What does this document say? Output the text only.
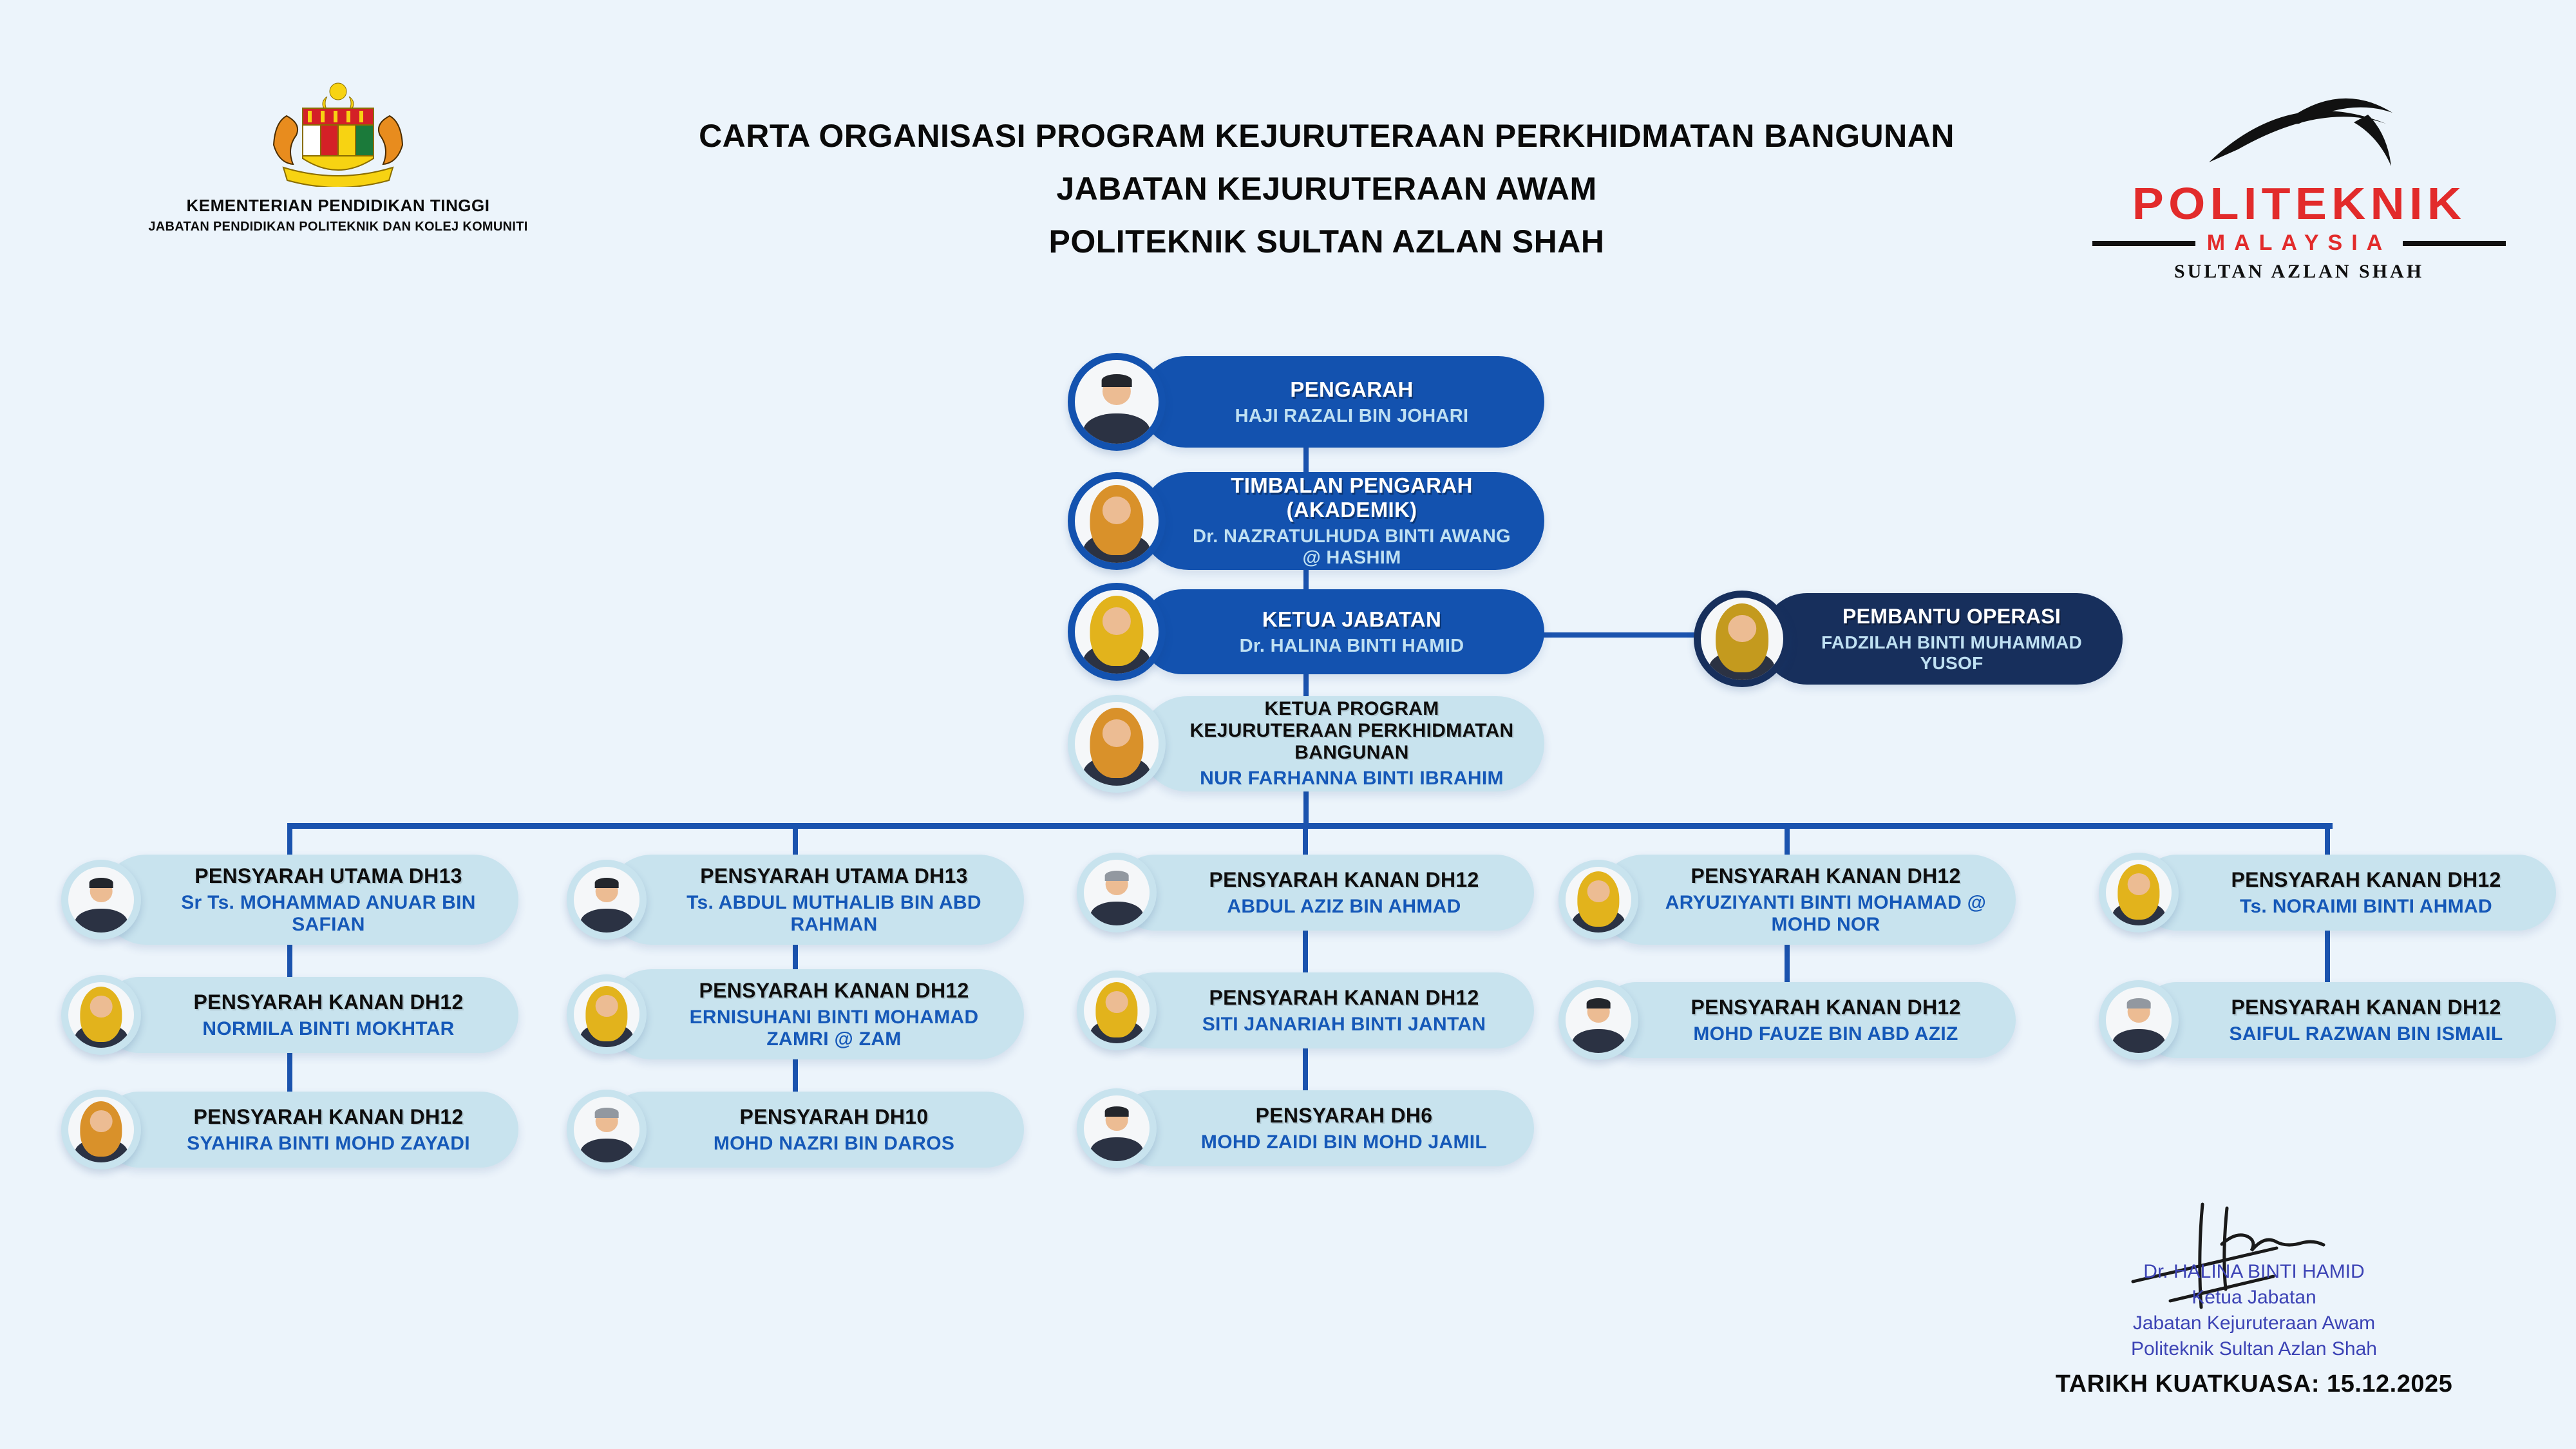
KEMENTERIAN PENDIDIKAN TINGGI
JABATAN PENDIDIKAN POLITEKNIK DAN KOLEJ KOMUNITI
CARTA ORGANISASI PROGRAM KEJURUTERAAN PERKHIDMATAN BANGUNAN
JABATAN KEJURUTERAAN AWAM
POLITEKNIK SULTAN AZLAN SHAH
POLITEKNIK
MALAYSIA
SULTAN AZLAN SHAH
PENGARAH
HAJI RAZALI BIN JOHARI
TIMBALAN PENGARAH (AKADEMIK)
Dr. NAZRATULHUDA BINTI AWANG @ HASHIM
KETUA JABATAN
Dr. HALINA BINTI HAMID
PEMBANTU OPERASI
FADZILAH BINTI MUHAMMAD YUSOF
KETUA PROGRAM KEJURUTERAAN PERKHIDMATAN BANGUNAN
NUR FARHANNA BINTI IBRAHIM
PENSYARAH UTAMA DH13
Sr Ts. MOHAMMAD ANUAR BIN SAFIAN
PENSYARAH KANAN DH12
NORMILA BINTI MOKHTAR
PENSYARAH KANAN DH12
SYAHIRA BINTI MOHD ZAYADI
PENSYARAH UTAMA DH13
Ts. ABDUL MUTHALIB BIN ABD RAHMAN
PENSYARAH KANAN DH12
ERNISUHANI BINTI MOHAMAD ZAMRI @ ZAM
PENSYARAH DH10
MOHD NAZRI BIN DAROS
PENSYARAH KANAN DH12
ABDUL AZIZ BIN AHMAD
PENSYARAH KANAN DH12
SITI JANARIAH BINTI JANTAN
PENSYARAH DH6
MOHD ZAIDI BIN MOHD JAMIL
PENSYARAH KANAN DH12
ARYUZIYANTI BINTI MOHAMAD @ MOHD NOR
PENSYARAH KANAN DH12
MOHD FAUZE BIN ABD AZIZ
PENSYARAH KANAN DH12
Ts. NORAIMI BINTI AHMAD
PENSYARAH KANAN DH12
SAIFUL RAZWAN BIN ISMAIL
Dr. HALINA BINTI HAMID
Ketua Jabatan
Jabatan Kejuruteraan Awam
Politeknik Sultan Azlan Shah
TARIKH KUATKUASA: 15.12.2025
